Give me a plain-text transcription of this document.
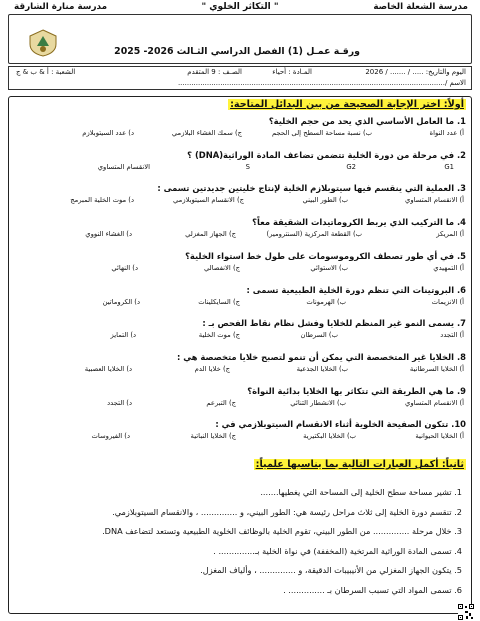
مدرسة الشعلة الخاصة
" التكاثر الخلوي "
مدرسة منارة الشارقة
ورقـة عمـل (1) الفصل الدراسي الثـالث 2026- 2025
اليوم والتاريخ: ..... / ....... / 2026
المـادة : أحياء
الصـف : 9 المتقدم
الشعبة : أ & ب & ج
الاسم /........................................................................................................................
أولاً: اختر الإجابة الصحيحة من بين البدائل المتاحة:
1. ما العامل الأساسي الذي يحد من حجم الخلية؟
أ) عدد النواة
ب) نسبة مساحة السطح إلى الحجم
ج) سمك الغشاء البلازمي
د) عدد السيتوبلازم
2. في مرحلة من دورة الخلية تتضمن تضاعف المادة الوراثية(DNA) ؟
G1
G2
S
الانقسام المتساوي
3. العملية التي ينقسم فيها سيتوبلازم الخلية لإنتاج خليتين جديدتين تسمى :
أ) الانقسام المتساوي
ب) الطور البيني
ج) الانقسام السيتوبلازمي
د) موت الخلية المبرمج
4. ما التركيب الذي يربط الكروماتيدات الشقيقة معاً؟
أ) المريكز
ب) القطعة المركزية (السنترومير)
ج) الجهاز المغزلي
د) الغشاء النووي
5. في أي طور تصطف الكروموسومات على طول خط استواء الخلية؟
أ) التمهيدي
ب) الاستوائي
ج) الانفصالي
د) النهائي
6. البروتينات التي تنظم دورة الخلية الطبيعية تسمى :
أ) الانزيمات
ب) الهرمونات
ج) السايكلينات
د) الكروماتين
7. يسمى النمو غير المنظم للخلايا وفشل نظام نقاط الفحص بـ :
أ) التجدد
ب) السرطان
ج) موت الخلية
د) التمايز
8. الخلايا غير المتخصصة التي يمكن أن تنمو لتصبح خلايا متخصصة هي :
أ) الخلايا السرطانية
ب) الخلايا الجذعية
ج) خلايا الدم
د) الخلايا العصبية
9. ما هي الطريقة التي تتكاثر بها الخلايا بدائية النواة؟
أ) الانقسام المتساوي
ب) الانشطار الثنائي
ج) التبرعم
د) التجدد
10. تتكون الصفيحة الخلوية أثناء الانقسام السيتوبلازمي في :
أ) الخلايا الحيوانية
ب) الخلايا البكتيرية
ج) الخلايا النباتية
د) الفيروسات
ثانياً: أكمل العبارات التالية بما يناسبها علمياً:
1. تشير مساحة سطح الخلية إلى المساحة التي يغطيها.......
2. تنقسم دورة الخلية إلى ثلاث مراحل رئيسة هي: الطور البيني، و .............. ، والانقسام السيتوبلازمي.
3. خلال مرحلة .............. من الطور البيني، تقوم الخلية بالوظائف الخلوية الطبيعية وتستعد لتضاعف DNA.
4. تسمى المادة الوراثية المرتخية (المخففة) في نواة الخلية بـ.............. .
5. يتكون الجهاز المغزلي من الأنيبيبات الدقيقة، و .............. ، وألياف المغزل.
6. تسمى المواد التي تسبب السرطان بـ .............. .
